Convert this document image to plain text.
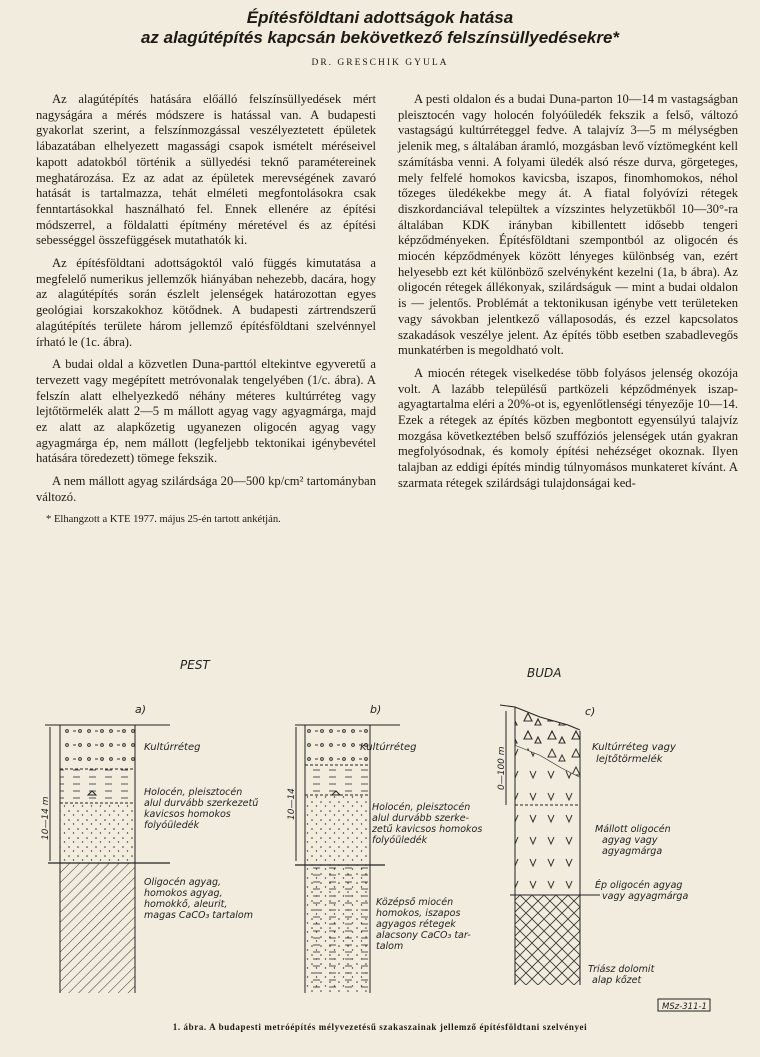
Építésföldtani adottságok hatása
az alagútépítés kapcsán bekövetkező felszínsüllyedésekre*
DR. GRESCHIK GYULA

Az alagútépítés hatására előálló felszínsüllyedések mért nagyságára a mérés módszere is hatással van. A budapesti gyakorlat szerint, a felszínmozgással veszélyeztetett épületek lábazatában elhelyezett magassági csapok ismételt méréseivel kapott adatokból történik a süllyedési teknő paramétereinek meghatározása. Ez az adat az épületek merevségének zavaró hatását is tartalmazza, tehát elméleti megfontolásokra csak fenntartásokkal használható fel. Ennek ellenére az építési módszerrel, a földalatti építmény méretével és az építési sebességgel összefüggések mutathatók ki.

Az építésföldtani adottságoktól való függés kimutatása a megfelelő numerikus jellemzők hiányában nehezebb, dacára, hogy az alagútépítés során észlelt jelenségek határozottan egyes geológiai korszakokhoz kötődnek. A budapesti zártrendszerű alagútépítés területe három jellemző építésföldtani szelvénnyel írható le (1c. ábra).

A budai oldal a közvetlen Duna-parttól eltekintve egyveretű a tervezett vagy megépített metróvonalak tengelyében (1/c. ábra). A felszín alatt elhelyezkedő néhány méteres kultúrréteg vagy lejtőtörmelék alatt 2—5 m mállott agyag vagy agyagmárga, majd ez alatt az alapkőzetig ugyanezen oligocén agyag vagy agyagmárga ép, nem mállott (legfeljebb tektonikai igénybevétel hatására töredezett) tömege fekszik.

A nem mállott agyag szilárdsága 20—500 kp/cm² tartományban változó.

* Elhangzott a KTE 1977. május 25-én tartott ankétján.

A pesti oldalon és a budai Duna-parton 10—14 m vastagságban pleisztocén vagy holocén folyóüledék fekszik a felső, változó vastagságú kultúrréteggel fedve. A talajvíz 3—5 m mélységben jelenik meg, s általában áramló, mozgásban levő víztömegként kell számításba venni. A folyami üledék alsó része durva, görgeteges, mely felfelé homokos kavicsba, iszapos, finomhomokos, néhol tőzeges üledékekbe megy át. A fiatal folyóvízi rétegek diszkordanciával települtek a vízszintes helyzetükből 10—30°-ra általában KDK irányban kibillentett idősebb tengeri képződményeken. Építésföldtani szempontból az oligocén és miocén képződmények között lényeges különbség van, ezért helyesebb ezt két különböző szelvényként kezelni (1a, b ábra). Az oligocén rétegek állékonyak, szilárdságuk — mint a budai oldalon is — jelentős. Problémát a tektonikusan igénybe vett területeken vagy sávokban jelentkező vállaposodás, és ezzel kapcsolatos szakadások veszélye jelent. Az építés több esetben szabadlevegős munkatérben is megoldható volt.

A miocén rétegek viselkedése több folyásos jelenség okozója volt. A lazább településű partközeli képződmények iszap-agyagtartalma eléri a 20%-ot is, egyenlőtlenségi tényezője 10—14. Ezek a rétegek az építés közben megbontott egyensúlyú talajvíz mozgása következtében belső szuffóziós jelenségek után gyakran megfolyósodnak, és komoly építési nehézséget okoznak. Ilyen talajban az eddigi építés mindig túlnyomásos munkateret kívánt. A szarmata rétegek szilárdsági tulajdonságai ked-

PEST
BUDA
a)
10—14 m
Kultúrréteg
Holocén, pleisztocén alul durvább szerkezetű kavicsos homokos folyóüledék
Oligocén agyag, homokos agyag, homokkő, aleurit, magas CaCO₃ tartalom
b)
10—14
Kultúrréteg
Holocén, pleisztocén alul durvább szerke- zetű kavicsos homokos folyóüledék
Középső miocén homokos, iszapos agyagos rétegek alacsony CaCO₃ tar- talom
c)
0—100 m	Kultúrréteg vagy lejtőtörmelék
Mállott oligocén agyag vagy agyagmárga
Ép oligocén agyag vagy agyagmárga
Triász dolomit alap kőzet
MSz-311-1
1. ábra. A budapesti metróépítés mélyvezetésű szakaszainak jellemző építésföldtani szelvényei
